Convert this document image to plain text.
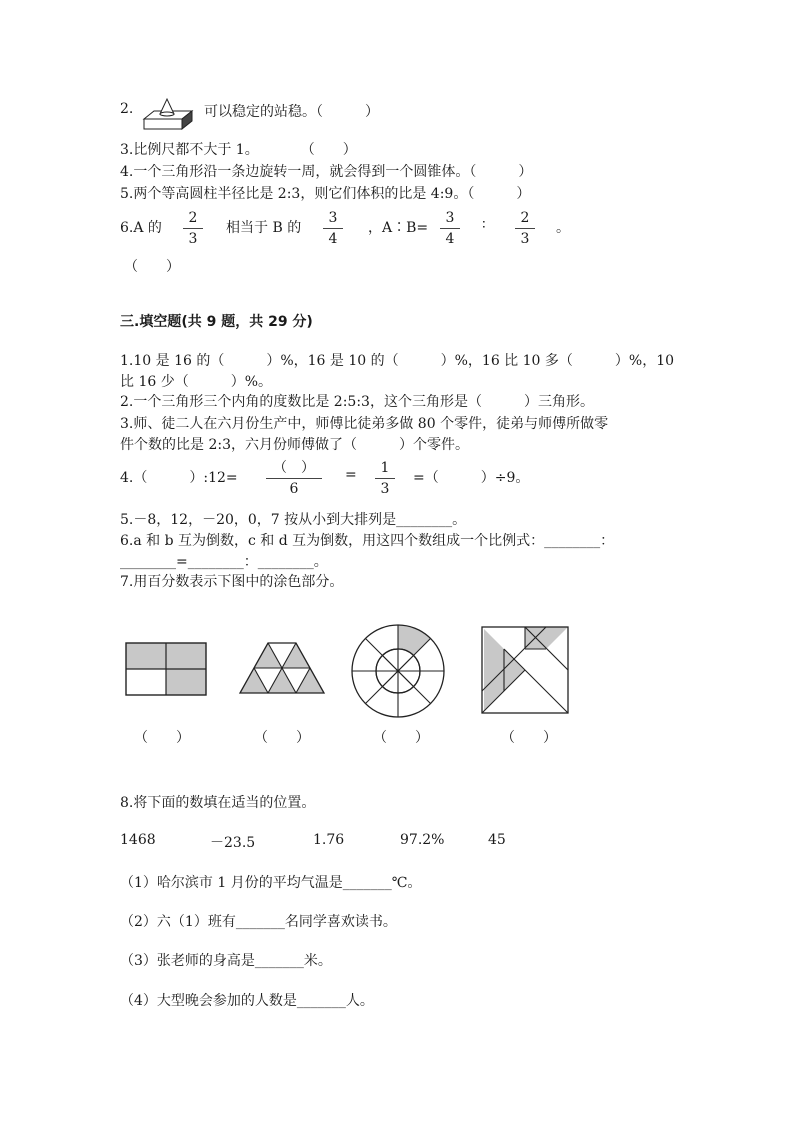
2.	可以稳定的站稳。（　　　）
3.比例尺都不大于 1。　　　　（　　）
4.一个三角形沿一条边旋转一周，就会得到一个圆锥体。（　　　）
5.两个等高圆柱半径比是 2:3，则它们体积的比是 4:9。（　　　）
6.A 的
2
3
相当于 B 的
3
4
，A∶B=
3
4
∶	2
3
。
（　　）
三.填空题(共 9 题，共 29 分)
1.10 是 16 的（　　　）%，16 是 10 的（　　　）%，16 比 10 多（　　　）%，10
比 16 少（　　　）%。
2.一个三角形三个内角的度数比是 2:5:3，这个三角形是（　　　）三角形。
3.师、徒二人在六月份生产中，师傅比徒弟多做 80 个零件，徒弟与师傅所做零
件个数的比是 2:3，六月份师傅做了（　　　）个零件。
4.（　　　）:12=
（　）
6
=	1
3
=（　　　）÷9。
5.－8，12，－20，0，7 按从小到大排列是________。
6.a 和 b 互为倒数，c 和 d 互为倒数，用这四个数组成一个比例式：________：
________=________：________。
7.用百分数表示下图中的涂色部分。
（　　）	（　　）	（　　）	（　　）
8.将下面的数填在适当的位置。
1468	－23.5	1.76	97.2%	45
（1）哈尔滨市 1 月份的平均气温是_______℃。
（2）六（1）班有_______名同学喜欢读书。
（3）张老师的身高是_______米。
（4）大型晚会参加的人数是_______人。
